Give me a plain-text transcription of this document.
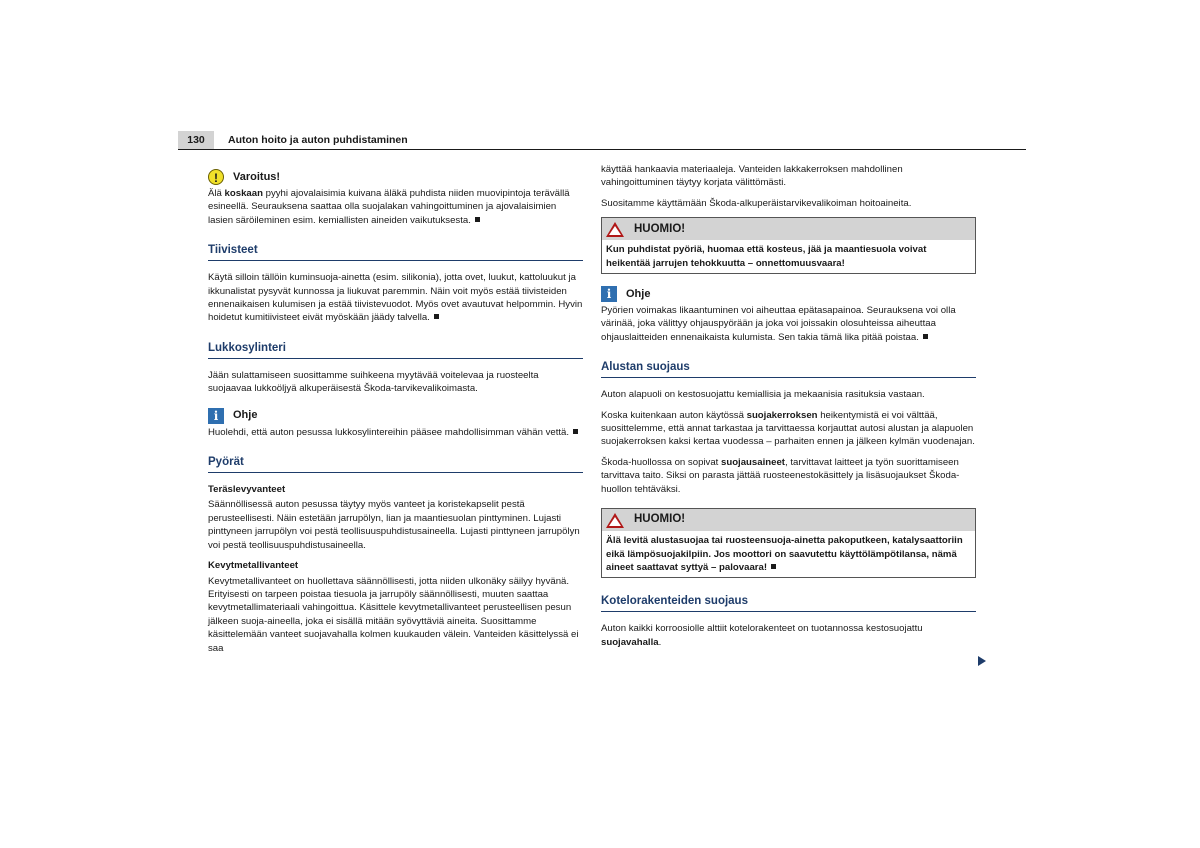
130	Auton hoito ja auton puhdistaminen
!	Varoitus!

Älä koskaan pyyhi ajovalaisimia kuivana äläkä puhdista niiden muovipintoja terävällä esineellä. Seurauksena saattaa olla suojalakan vahingoittuminen ja ajovalaisimien lasien säröileminen esim. kemiallisten aineiden vaikutuksesta.

Tiivisteet

Käytä silloin tällöin kuminsuoja-ainetta (esim. silikonia), jotta ovet, luukut, kattoluukut ja ikkunalistat pysyvät kunnossa ja liukuvat paremmin. Näin voit myös estää tiivisteiden ennenaikaisen kulumisen ja estää tiivistevuodot. Myös ovet avautuvat helpommin. Hyvin hoidetut kumitiivisteet eivät myöskään jäädy talvella.

Lukkosylinteri

Jään sulattamiseen suosittamme suihkeena myytävää voitelevaa ja ruosteelta suojaavaa lukkoöljyä alkuperäisestä Škoda-tarvikevalikoimasta.

i	Ohje

Huolehdi, että auton pesussa lukkosylintereihin pääsee mahdollisimman vähän vettä.

Pyörät
Teräslevyvanteet

Säännöllisessä auton pesussa täytyy myös vanteet ja koristekapselit pestä perusteellisesti. Näin estetään jarrupölyn, lian ja maantiesuolan pinttyminen. Lujasti pinttyneen jarrupölyn voi pestä teollisuuspuhdistusaineella. Lujasti pinttyneen jarrupölyn voi pestä teollisuuspuhdistusaineella.

Kevytmetallivanteet

Kevytmetallivanteet on huollettava säännöllisesti, jotta niiden ulkonäky säilyy hyvänä. Erityisesti on tarpeen poistaa tiesuola ja jarrupöly säännöllisesti, muuten saattaa kevytmetallimateriaali vahingoittua. Käsittele kevytmetallivanteet perusteellisen pesun jälkeen suoja-aineella, joka ei sisällä mitään syövyttäviä aineita. Suosittamme käsittelemään vanteet suojavahalla kolmen kuukauden välein. Vanteiden käsittelyssä ei saa

käyttää hankaavia materiaaleja. Vanteiden lakkakerroksen mahdollinen vahingoittuminen täytyy korjata välittömästi.

Suositamme käyttämään Škoda-alkuperäistarvikevalikoiman hoitoaineita.

HUOMIO!
Kun puhdistat pyöriä, huomaa että kosteus, jää ja maantiesuola voivat heikentää jarrujen tehokkuutta – onnettomuusvaara!
i	Ohje

Pyörien voimakas likaantuminen voi aiheuttaa epätasapainoa. Seurauksena voi olla värinää, joka välittyy ohjauspyörään ja joka voi joissakin olosuhteissa aiheuttaa ohjauslaitteiden ennenaikaista kulumista. Sen takia tämä lika pitää poistaa.

Alustan suojaus

Auton alapuoli on kestosuojattu kemiallisia ja mekaanisia rasituksia vastaan.

Koska kuitenkaan auton käytössä suojakerroksen heikentymistä ei voi välttää, suosittelemme, että annat tarkastaa ja tarvittaessa korjauttat autosi alustan ja alapuolen suojakerroksen kaksi kertaa vuodessa – parhaiten ennen ja jälkeen kylmän vuodenajan.

Škoda-huollossa on sopivat suojausaineet, tarvittavat laitteet ja työn suorittamiseen tarvittava taito. Siksi on parasta jättää ruosteenestokäsittely ja lisäsuojaukset Škoda-huollon tehtäväksi.

HUOMIO!
Älä levitä alustasuojaa tai ruosteensuoja-ainetta pakoputkeen, katalysaattoriin eikä lämpösuojakilpiin. Jos moottori on saavutettu käyttölämpötilansa, nämä aineet saattavat syttyä – palovaara!
Kotelorakenteiden suojaus

Auton kaikki korroosiolle alttiit kotelorakenteet on tuotannossa kestosuojattu suojavahalla.
